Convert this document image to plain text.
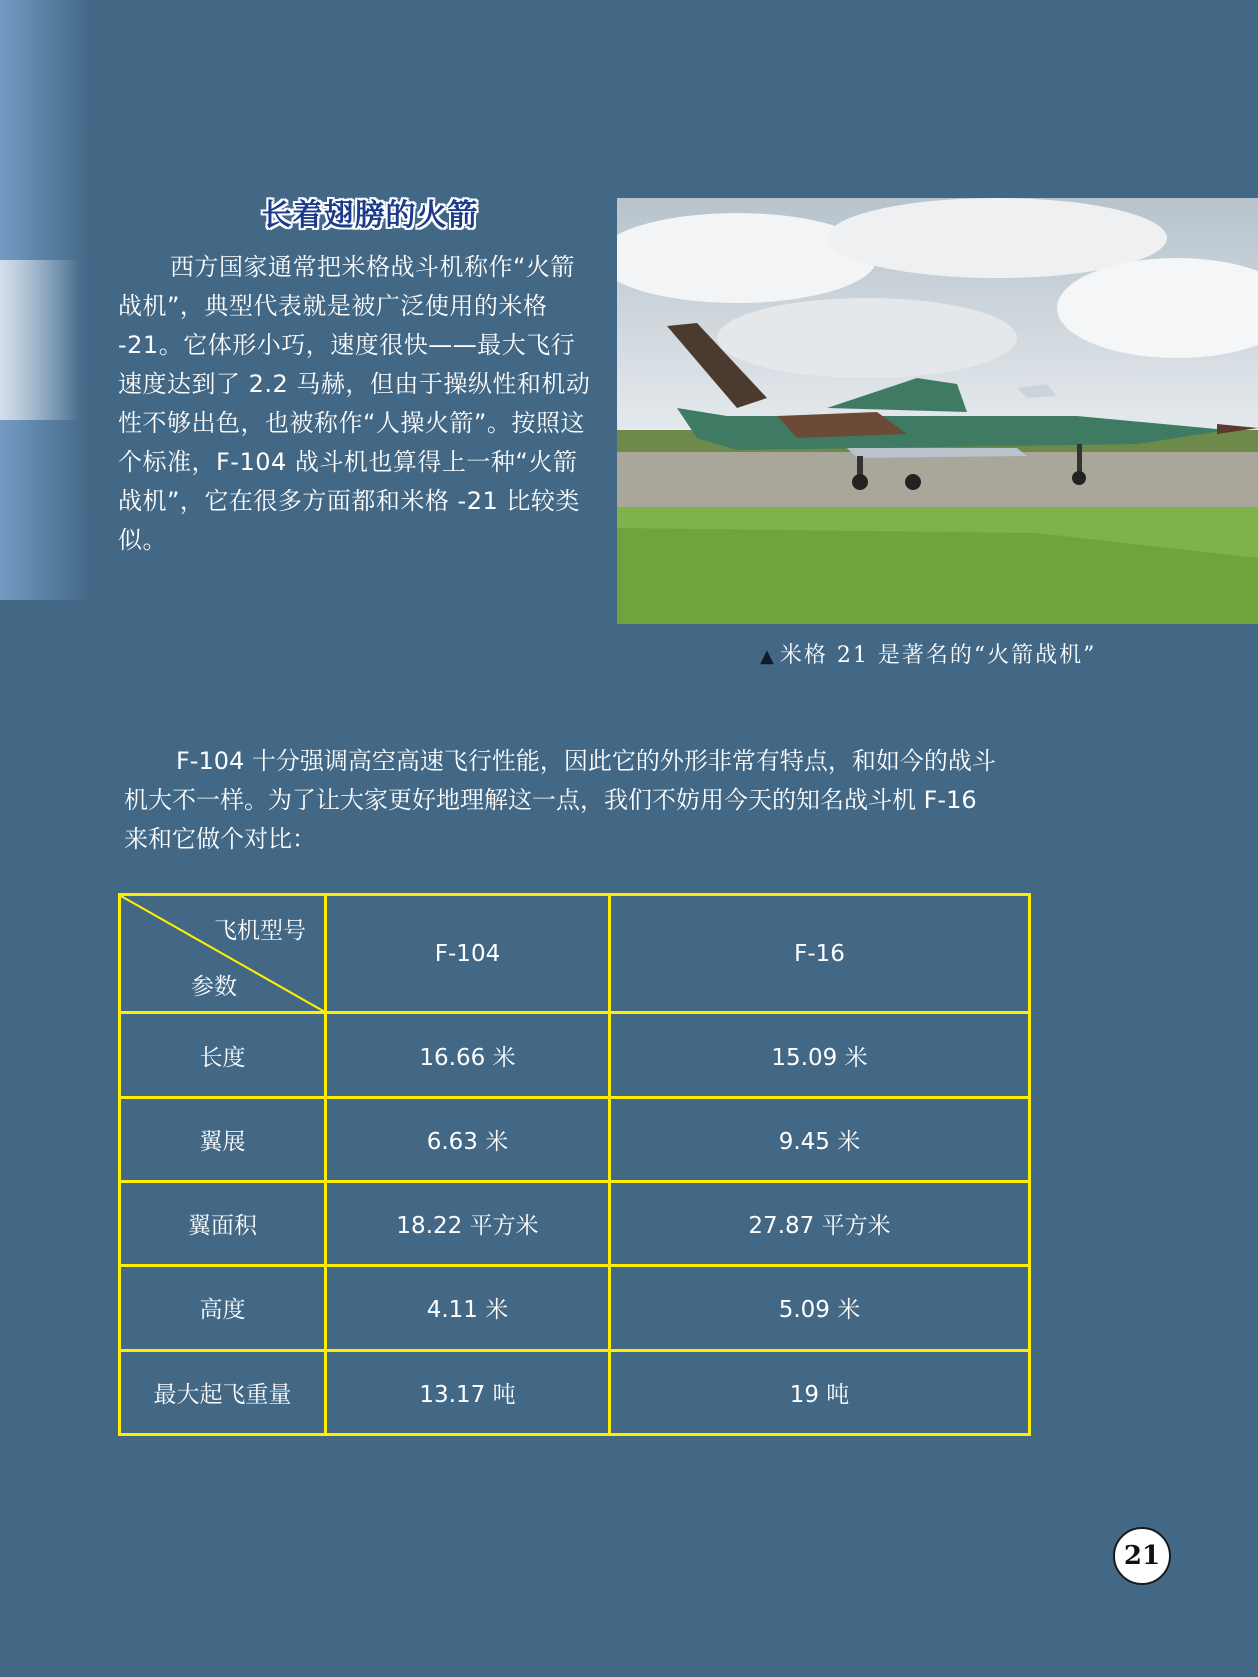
长着翅膀的火箭

西方国家通常把米格战斗机称作“火箭战机”，典型代表就是被广泛使用的米格 -21。它体形小巧，速度很快——最大飞行速度达到了 2.2 马赫，但由于操纵性和机动性不够出色，也被称作“人操火箭”。按照这个标准，F-104 战斗机也算得上一种“火箭战机”，它在很多方面都和米格 -21 比较类似。

▲ 米格 21 是著名的“火箭战机”

F-104 十分强调高空高速飞行性能，因此它的外形非常有特点，和如今的战斗机大不一样。为了让大家更好地理解这一点，我们不妨用今天的知名战斗机 F-16 来和它做个对比：

飞机型号
参数	F-104	F-16
长度	16.66 米	15.09 米
翼展	6.63 米	9.45 米
翼面积	18.22 平方米	27.87 平方米
高度	4.11 米	5.09 米
最大起飞重量	13.17 吨	19 吨
21
